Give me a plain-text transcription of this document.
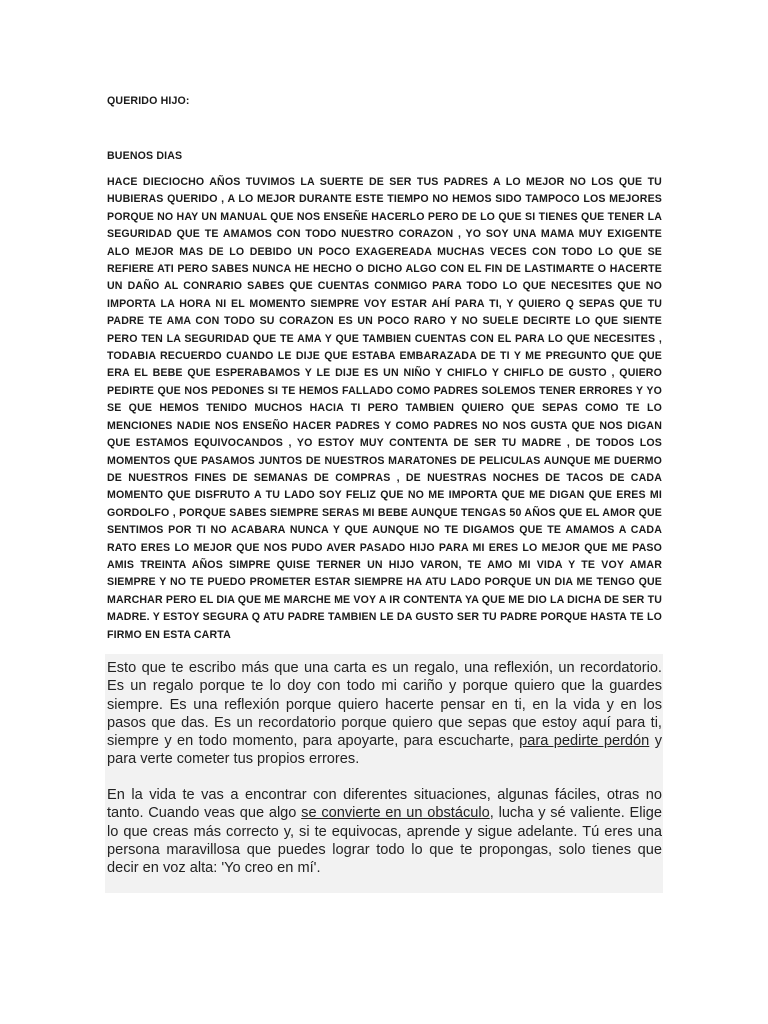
QUERIDO HIJO:
BUENOS DIAS
HACE DIECIOCHO AÑOS TUVIMOS LA SUERTE DE SER TUS PADRES A LO MEJOR NO LOS QUE TU HUBIERAS QUERIDO , A LO MEJOR DURANTE ESTE TIEMPO NO HEMOS SIDO TAMPOCO LOS MEJORES PORQUE NO HAY UN MANUAL QUE NOS ENSEÑE HACERLO PERO DE LO QUE SI TIENES QUE TENER LA SEGURIDAD QUE TE AMAMOS CON TODO NUESTRO CORAZON , YO SOY UNA MAMA MUY EXIGENTE ALO MEJOR MAS DE LO DEBIDO UN POCO EXAGEREADA MUCHAS VECES CON TODO LO QUE SE REFIERE ATI PERO SABES NUNCA HE HECHO O DICHO ALGO CON EL FIN DE LASTIMARTE O HACERTE UN DAÑO AL CONRARIO SABES QUE CUENTAS CONMIGO PARA TODO LO QUE NECESITES QUE NO IMPORTA LA HORA NI EL MOMENTO SIEMPRE VOY ESTAR AHÍ PARA TI, Y QUIERO Q SEPAS QUE TU PADRE TE AMA CON TODO SU CORAZON ES UN POCO RARO Y NO SUELE DECIRTE LO QUE SIENTE PERO TEN LA SEGURIDAD QUE TE AMA Y QUE TAMBIEN CUENTAS CON EL PARA LO QUE NECESITES , TODABIA RECUERDO CUANDO LE DIJE QUE ESTABA EMBARAZADA DE TI Y ME PREGUNTO QUE QUE ERA EL BEBE QUE ESPERABAMOS Y LE DIJE ES UN NIÑO Y CHIFLO Y CHIFLO DE GUSTO , QUIERO PEDIRTE QUE NOS PEDONES SI TE HEMOS FALLADO COMO PADRES SOLEMOS TENER ERRORES Y YO SE QUE HEMOS TENIDO MUCHOS HACIA TI PERO TAMBIEN QUIERO QUE SEPAS COMO TE LO MENCIONES NADIE NOS ENSEÑO HACER PADRES Y COMO PADRES NO NOS GUSTA QUE NOS DIGAN QUE ESTAMOS EQUIVOCANDOS , YO ESTOY MUY CONTENTA DE SER TU MADRE , DE TODOS LOS MOMENTOS QUE PASAMOS JUNTOS DE NUESTROS MARATONES DE PELICULAS AUNQUE ME DUERMO DE NUESTROS FINES DE SEMANAS DE COMPRAS , DE NUESTRAS NOCHES DE TACOS DE CADA MOMENTO QUE DISFRUTO A TU LADO SOY FELIZ QUE NO ME IMPORTA QUE ME DIGAN QUE ERES MI GORDOLFO , PORQUE SABES SIEMPRE SERAS MI BEBE AUNQUE TENGAS 50 AÑOS QUE EL AMOR QUE SENTIMOS POR TI NO ACABARA NUNCA Y QUE AUNQUE NO TE DIGAMOS QUE TE AMAMOS A CADA RATO ERES LO MEJOR QUE NOS PUDO AVER PASADO HIJO PARA MI ERES LO MEJOR QUE ME PASO AMIS TREINTA AÑOS SIMPRE QUISE TERNER UN HIJO VARON, TE AMO MI VIDA Y TE VOY AMAR SIEMPRE Y NO TE PUEDO PROMETER ESTAR SIEMPRE HA ATU LADO PORQUE UN DIA ME TENGO QUE MARCHAR PERO EL DIA QUE ME MARCHE ME VOY A IR CONTENTA YA QUE ME DIO LA DICHA DE SER TU MADRE. Y ESTOY SEGURA Q ATU PADRE TAMBIEN LE DA GUSTO SER TU PADRE PORQUE HASTA TE LO FIRMO EN ESTA CARTA
Esto que te escribo más que una carta es un regalo, una reflexión, un recordatorio. Es un regalo porque te lo doy con todo mi cariño y porque quiero que la guardes siempre. Es una reflexión porque quiero hacerte pensar en ti, en la vida y en los pasos que das. Es un recordatorio porque quiero que sepas que estoy aquí para ti, siempre y en todo momento, para apoyarte, para escucharte, para pedirte perdón y para verte cometer tus propios errores.
En la vida te vas a encontrar con diferentes situaciones, algunas fáciles, otras no tanto. Cuando veas que algo se convierte en un obstáculo, lucha y sé valiente. Elige lo que creas más correcto y, si te equivocas, aprende y sigue adelante. Tú eres una persona maravillosa que puedes lograr todo lo que te propongas, solo tienes que decir en voz alta: 'Yo creo en mí'.
